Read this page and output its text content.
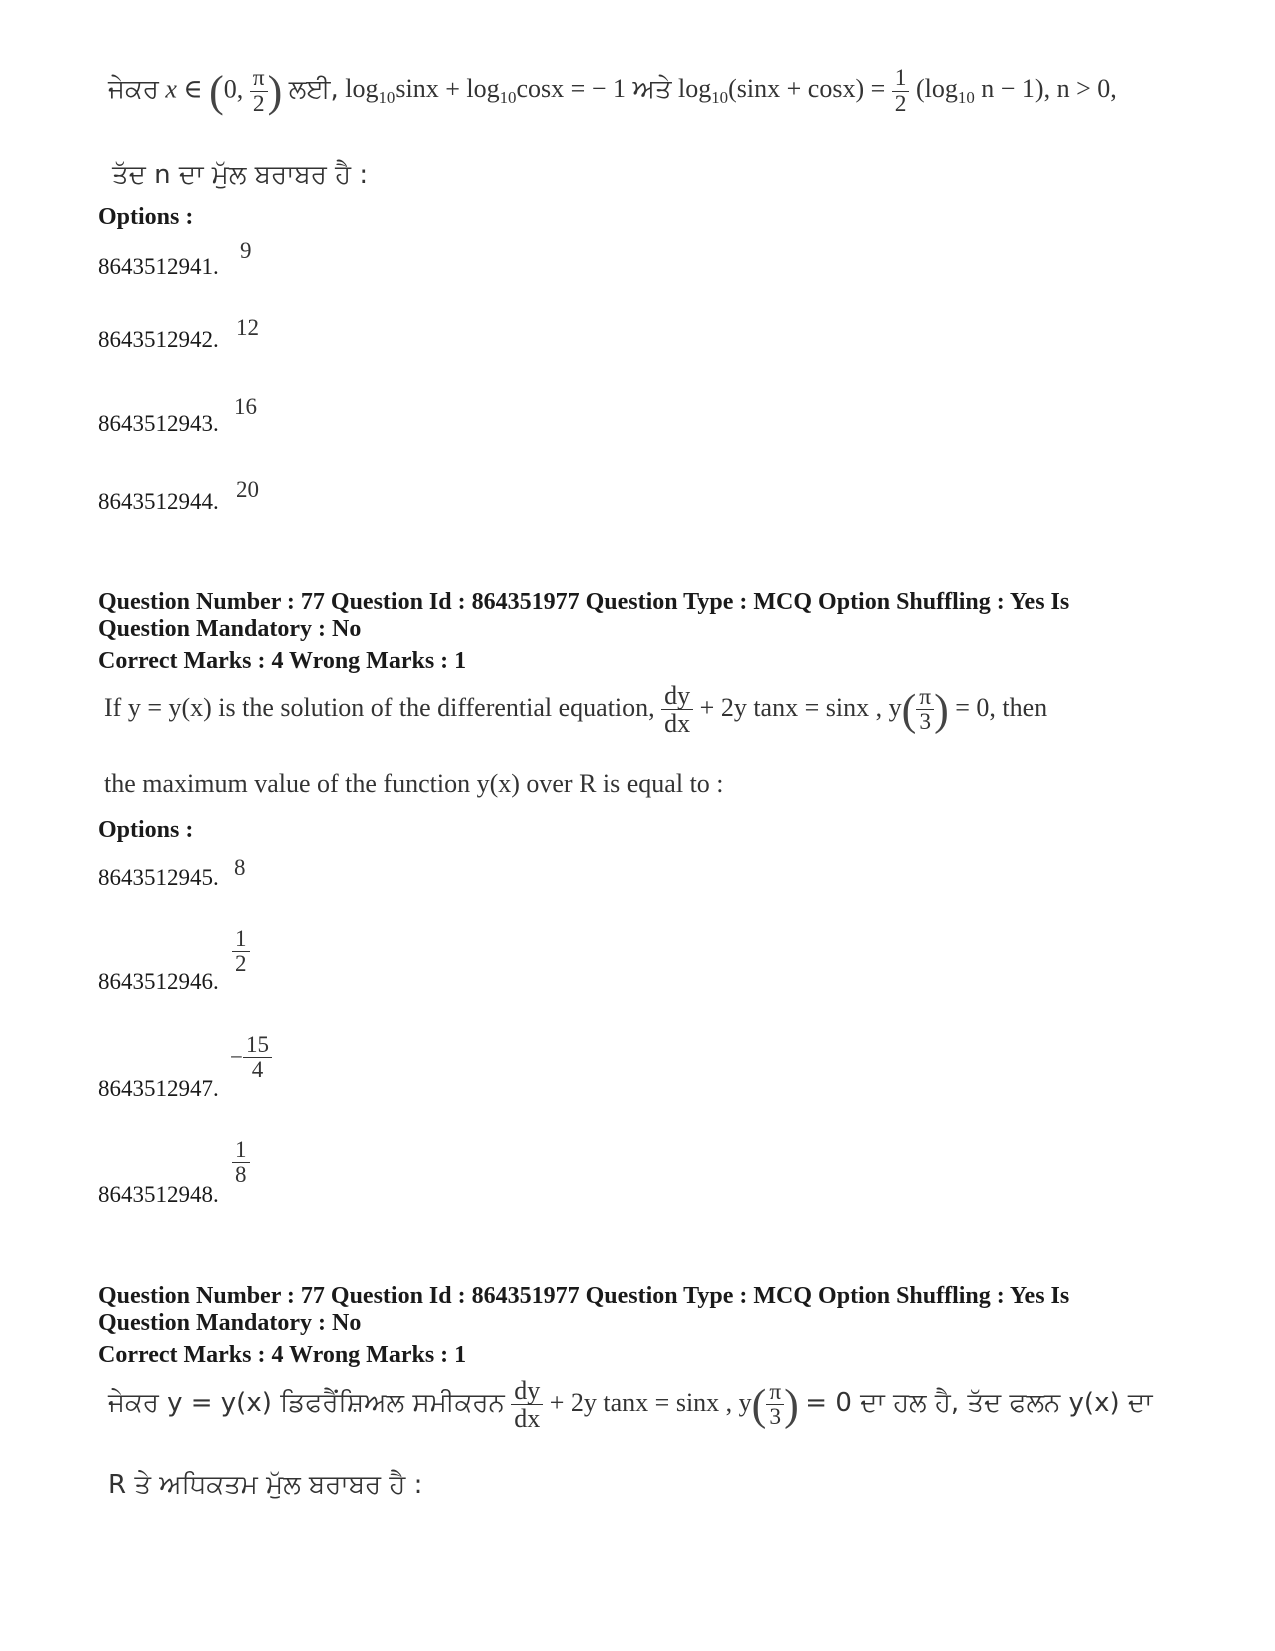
ਜੇਕਰ x ∈ (0, $\frac{\pi}{2}$ ) ਲਈ, $\log_{10}\sin x + \log_{10}\cos x$ = − 1 ਅਤੇ $\log_{10}(\sin x + \cos x) = \frac{1}{2} (\log_{10}$ n − 1), n > 0,
ਤੱਦ n ਦਾ ਮੁੱਲ ਬਰਾਬਰ ਹੈ :
Options :
8643512941.
9
8643512942. 12
8643512943.
16
8643512944. 20
Question Number : 77 Question Id : 864351977 Question Type : MCQ Option Shuffling : Yes Is
Question Mandatory : No
Correct Marks : 4 Wrong Marks : 1
If y = y(x) is the solution of the differential equation, $\frac{dy}{dx} + 2y$ tanx = sinx , $y( \frac{\pi}{3}$ ) = 0, then
the maximum value of the function y(x) over R is equal to :
Options :
8643512945. 8
8643512946.
$\frac{1}{2}$
8643512947.
− $\frac{15}{4}$
8643512948.
$\frac{1}{8}$
Question Number : 77 Question Id : 864351977 Question Type : MCQ Option Shuffling : Yes Is
Question Mandatory : No
Correct Marks : 4 Wrong Marks : 1
ਜੇਕਰ y = y(x) ਡਿਫਰੈਂਸ਼ਿਅਲ ਸਮੀਕਰਨ $\frac{dy}{dx} + 2y$ tanx = sinx , $y( \frac{\pi}{3}$ ) = 0 ਦਾ ਹਲ ਹੈ, ਤੱਦ ਫਲਨ y(x) ਦਾ
R ਤੇ ਅਧਿਕਤਮ ਮੁੱਲ ਬਰਾਬਰ ਹੈ :
